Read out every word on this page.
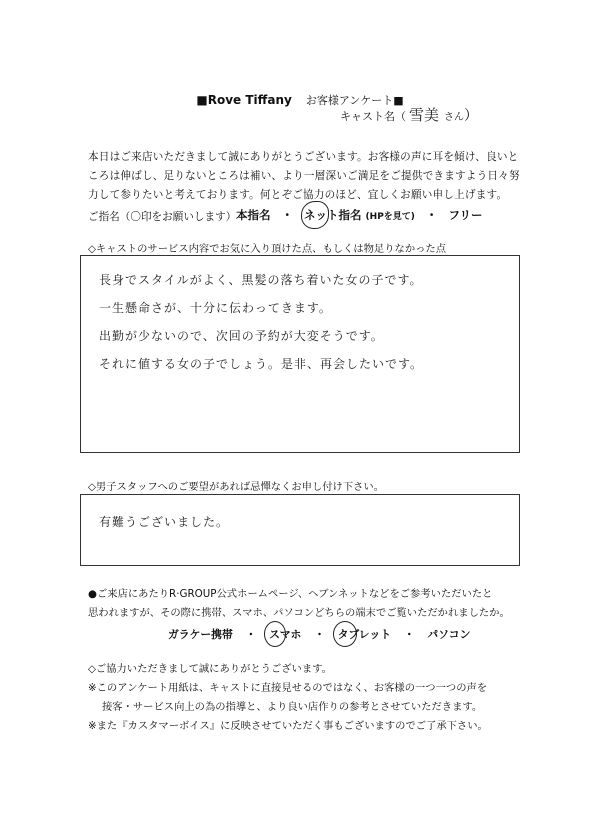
■Rove Tiffany お客様アンケート■
キャスト名（ 雪美 さん）
本日はご来店いただきまして誠にありがとうございます。お客様の声に耳を傾け、良いと
ころは伸ばし、足りないところは補い、より一層深いご満足をご提供できますよう日々努
力して参りたいと考えております。何とぞご協力のほど、宜しくお願い申し上げます。
ご指名（〇印をお願いします） 本指名 ・ ネット指名 (HPを見て) ・ フリー
◇キャストのサービス内容でお気に入り頂けた点、もしくは物足りなかった点
長身でスタイルがよく、黒髪の落ち着いた女の子です。
一生懸命さが、十分に伝わってきます。
出勤が少ないので、次回の予約が大変そうです。
それに値する女の子でしょう。是非、再会したいです。
◇男子スタッフへのご要望があれば忌憚なくお申し付け下さい。
有難うございました。
●ご来店にあたりR·GROUP公式ホームページ、ヘブンネットなどをご参考いただいたと
思われますが、その際に携帯、スマホ、パソコンどちらの端末でご覧いただかれましたか。
ガラケー携帯 ・ スマホ ・ タブレット ・ パソコン
◇ご協力いただきまして誠にありがとうございます。
※このアンケート用紙は、キャストに直接見せるのではなく、お客様の一つ一つの声を
接客・サービス向上の為の指導と、より良い店作りの参考とさせていただきます。
※また『カスタマーボイス』に反映させていただく事もございますのでご了承下さい。
